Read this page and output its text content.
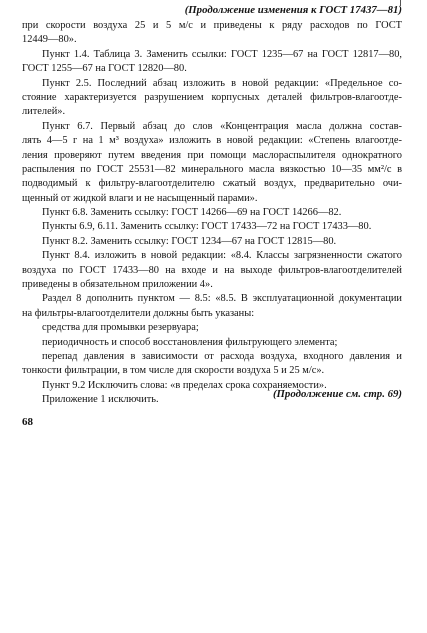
(Продолжение изменения к ГОСТ 17437—81)
при скорости воздуха 25 и 5 м/с и приведены к ряду расходов по ГОСТ
12449—80».
Пункт 1.4. Таблица 3. Заменить ссылки: ГОСТ 1235—67 на ГОСТ 12817—80,
ГОСТ 1255—67 на ГОСТ 12820—80.
Пункт 2.5. Последний абзац изложить в новой редакции: «Предельное со-
стояние характеризуется разрушением корпусных деталей фильтров-влагоотде-
лителей».
Пункт 6.7. Первый абзац до слов «Концентрация масла должна состав-
лять 4—5 г на 1 м³ воздуха» изложить в новой редакции: «Степень влагоотде-
ления проверяют путем введения при помощи маслораспылителя однократного
распыления по ГОСТ 25531—82 минерального масла вязкостью 10—35 мм²/с в
подводимый к фильтру-влагоотделителю сжатый воздух, предварительно очи-
щенный от жидкой влаги и не насыщенный парами».
Пункт 6.8. Заменить ссылку: ГОСТ 14266—69 на ГОСТ 14266—82.
Пункты 6.9, 6.11. Заменить ссылку: ГОСТ 17433—72 на ГОСТ 17433—80.
Пункт 8.2. Заменить ссылку: ГОСТ 1234—67 на ГОСТ 12815—80.
Пункт 8.4. изложить в новой редакции: «8.4. Классы загрязненности сжатого
воздуха по ГОСТ 17433—80 на входе и на выходе фильтров-влагоотделителей
приведены в обязательном приложении 4».
Раздел 8 дополнить пунктом — 8.5: «8.5. В эксплуатационной документации
на фильтры-влагоотделители должны быть указаны:
средства для промывки резервуара;
периодичность и способ восстановления фильтрующего элемента;
перепад давления в зависимости от расхода воздуха, входного давления и
тонкости фильтрации, в том числе для скорости воздуха 5 и 25 м/с».
Пункт 9.2 Исключить слова: «в пределах срока сохраняемости».
Приложение 1 исключить.	(Продолжение см. стр. 69)
68
